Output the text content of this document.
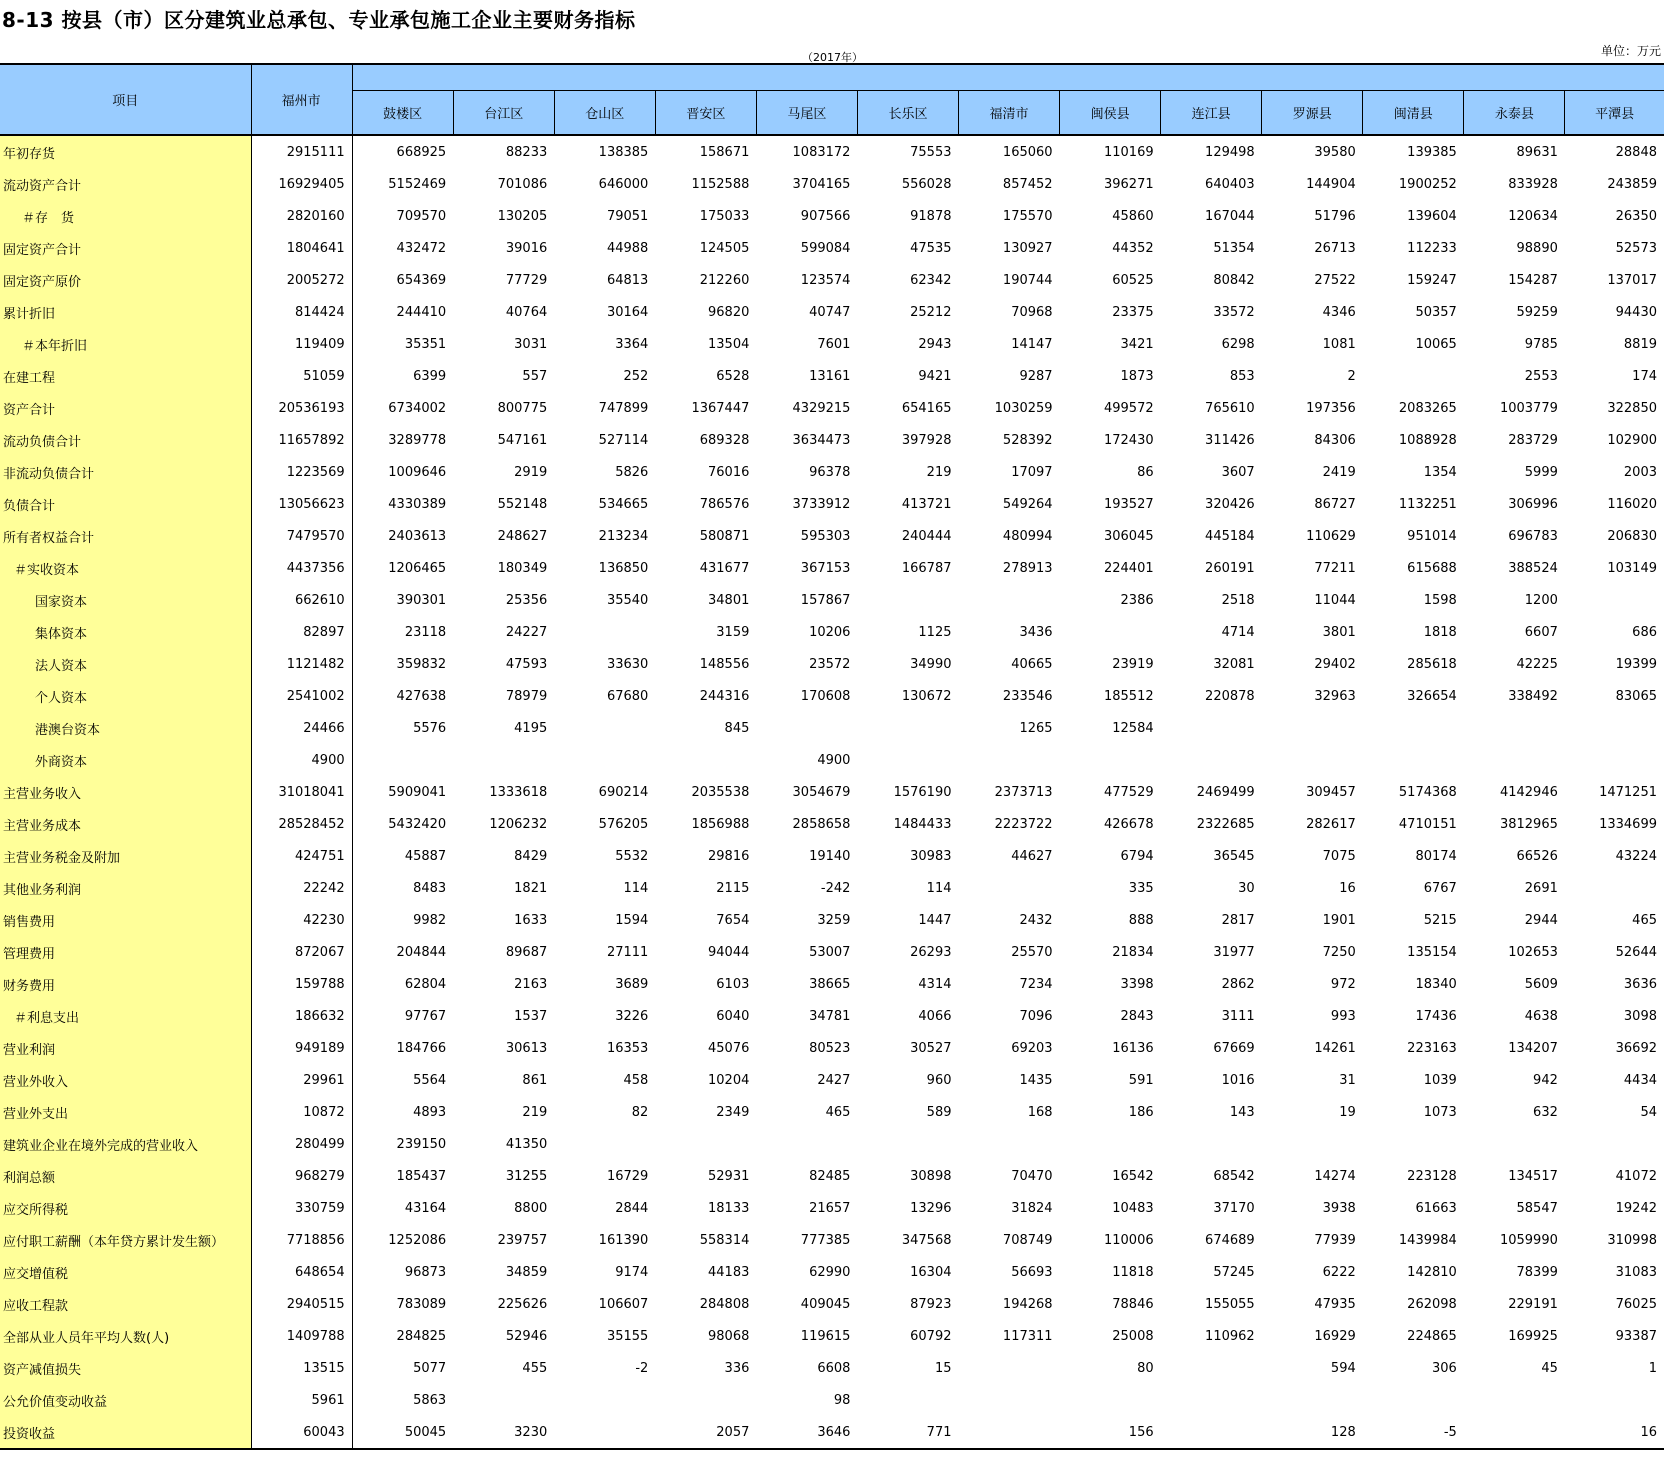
8-13 按县（市）区分建筑业总承包、专业承包施工企业主要财务指标
（2017年）	单位：万元
项目	福州市													
		鼓楼区	台江区	仓山区	晋安区	马尾区	长乐区	福清市	闽侯县	连江县	罗源县	闽清县	永泰县	平潭县
年初存货	2915111	668925	88233	138385	158671	1083172	75553	165060	110169	129498	39580	139385	89631	28848
流动资产合计	16929405	5152469	701086	646000	1152588	3704165	556028	857452	396271	640403	144904	1900252	833928	243859
＃存　货	2820160	709570	130205	79051	175033	907566	91878	175570	45860	167044	51796	139604	120634	26350
固定资产合计	1804641	432472	39016	44988	124505	599084	47535	130927	44352	51354	26713	112233	98890	52573
固定资产原价	2005272	654369	77729	64813	212260	123574	62342	190744	60525	80842	27522	159247	154287	137017
累计折旧	814424	244410	40764	30164	96820	40747	25212	70968	23375	33572	4346	50357	59259	94430
＃本年折旧	119409	35351	3031	3364	13504	7601	2943	14147	3421	6298	1081	10065	9785	8819
在建工程	51059	6399	557	252	6528	13161	9421	9287	1873	853	2		2553	174
资产合计	20536193	6734002	800775	747899	1367447	4329215	654165	1030259	499572	765610	197356	2083265	1003779	322850
流动负债合计	11657892	3289778	547161	527114	689328	3634473	397928	528392	172430	311426	84306	1088928	283729	102900
非流动负债合计	1223569	1009646	2919	5826	76016	96378	219	17097	86	3607	2419	1354	5999	2003
负债合计	13056623	4330389	552148	534665	786576	3733912	413721	549264	193527	320426	86727	1132251	306996	116020
所有者权益合计	7479570	2403613	248627	213234	580871	595303	240444	480994	306045	445184	110629	951014	696783	206830
＃实收资本	4437356	1206465	180349	136850	431677	367153	166787	278913	224401	260191	77211	615688	388524	103149
国家资本	662610	390301	25356	35540	34801	157867			2386	2518	11044	1598	1200	
集体资本	82897	23118	24227		3159	10206	1125	3436		4714	3801	1818	6607	686
法人资本	1121482	359832	47593	33630	148556	23572	34990	40665	23919	32081	29402	285618	42225	19399
个人资本	2541002	427638	78979	67680	244316	170608	130672	233546	185512	220878	32963	326654	338492	83065
港澳台资本	24466	5576	4195		845			1265	12584					
外商资本	4900					4900								
主营业务收入	31018041	5909041	1333618	690214	2035538	3054679	1576190	2373713	477529	2469499	309457	5174368	4142946	1471251
主营业务成本	28528452	5432420	1206232	576205	1856988	2858658	1484433	2223722	426678	2322685	282617	4710151	3812965	1334699
主营业务税金及附加	424751	45887	8429	5532	29816	19140	30983	44627	6794	36545	7075	80174	66526	43224
其他业务利润	22242	8483	1821	114	2115	-242	114		335	30	16	6767	2691	
销售费用	42230	9982	1633	1594	7654	3259	1447	2432	888	2817	1901	5215	2944	465
管理费用	872067	204844	89687	27111	94044	53007	26293	25570	21834	31977	7250	135154	102653	52644
财务费用	159788	62804	2163	3689	6103	38665	4314	7234	3398	2862	972	18340	5609	3636
＃利息支出	186632	97767	1537	3226	6040	34781	4066	7096	2843	3111	993	17436	4638	3098
营业利润	949189	184766	30613	16353	45076	80523	30527	69203	16136	67669	14261	223163	134207	36692
营业外收入	29961	5564	861	458	10204	2427	960	1435	591	1016	31	1039	942	4434
营业外支出	10872	4893	219	82	2349	465	589	168	186	143	19	1073	632	54
建筑业企业在境外完成的营业收入	280499	239150	41350											
利润总额	968279	185437	31255	16729	52931	82485	30898	70470	16542	68542	14274	223128	134517	41072
应交所得税	330759	43164	8800	2844	18133	21657	13296	31824	10483	37170	3938	61663	58547	19242
应付职工薪酬（本年贷方累计发生额）	7718856	1252086	239757	161390	558314	777385	347568	708749	110006	674689	77939	1439984	1059990	310998
应交增值税	648654	96873	34859	9174	44183	62990	16304	56693	11818	57245	6222	142810	78399	31083
应收工程款	2940515	783089	225626	106607	284808	409045	87923	194268	78846	155055	47935	262098	229191	76025
全部从业人员年平均人数(人)	1409788	284825	52946	35155	98068	119615	60792	117311	25008	110962	16929	224865	169925	93387
资产减值损失	13515	5077	455	-2	336	6608	15		80		594	306	45	1
公允价值变动收益	5961	5863				98								
投资收益	60043	50045	3230		2057	3646	771		156		128	-5		16
